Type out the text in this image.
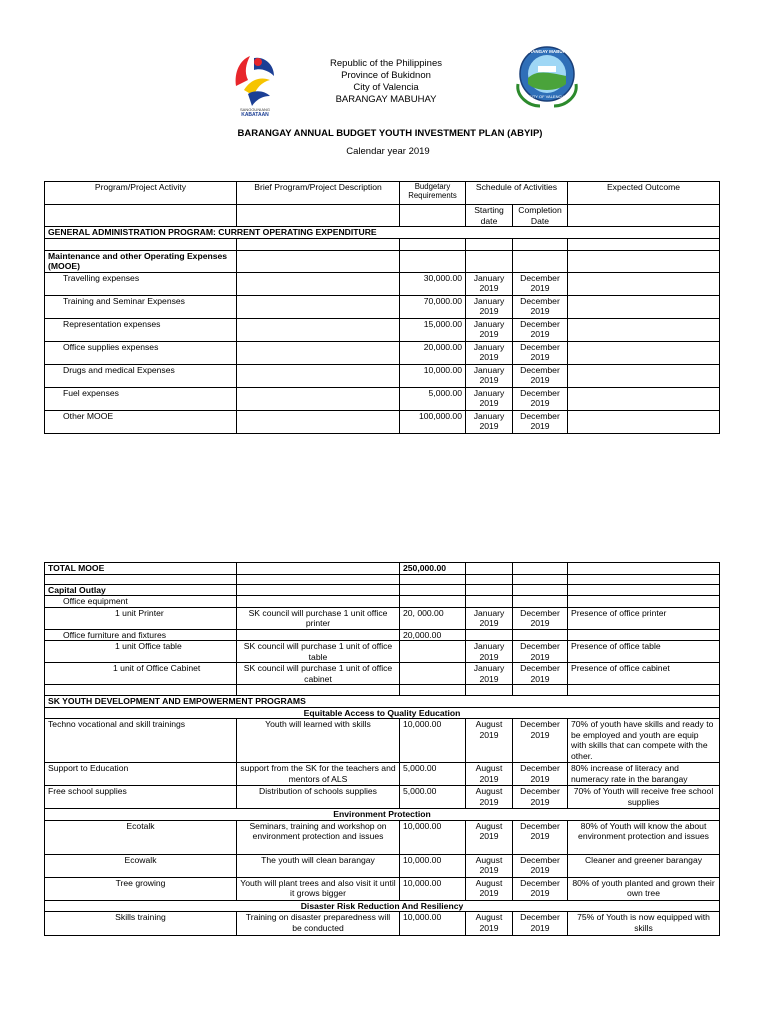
SANGGUNIANG
KABATAAN
BARANGAY MABUHAY
CITY OF VALENCIA
Republic of the Philippines
Province of Bukidnon
City of Valencia
BARANGAY MABUHAY
BARANGAY ANNUAL BUDGET YOUTH INVESTMENT PLAN (ABYIP)
Calendar year 2019
Program/Project Activity	Brief Program/Project Description	Budgetary Requirements	Schedule of Activities		Expected Outcome
			Starting date	Completion Date	
GENERAL ADMINISTRATION PROGRAM: CURRENT OPERATING EXPENDITURE					

Maintenance and other Operating Expenses (MOOE)					
Travelling expenses		30,000.00	January 2019	December 2019	
Training and Seminar Expenses		70,000.00	January 2019	December 2019	
Representation expenses		15,000.00	January 2019	December 2019	
Office supplies expenses		20,000.00	January 2019	December 2019	
Drugs and medical Expenses		10,000.00	January 2019	December 2019	
Fuel expenses		5,000.00	January 2019	December 2019	
Other MOOE		100,000.00	January 2019	December 2019	
TOTAL MOOE		250,000.00			

Capital Outlay					
Office equipment					
1 unit Printer	SK council will purchase 1 unit office printer	20, 000.00	January 2019	December 2019	Presence of office printer
Office furniture and fixtures		20,000.00			
1 unit Office table	SK council will purchase 1 unit of office table		January 2019	December 2019	Presence of office table
1 unit of Office Cabinet	SK council will purchase 1 unit of office cabinet		January 2019	December 2019	Presence of office cabinet

SK YOUTH DEVELOPMENT AND EMPOWERMENT PROGRAMS					
Equitable Access to Quality Education					
Techno vocational and skill trainings	Youth will learned with skills	10,000.00	August 2019	December 2019	70% of youth have skills and ready to be employed and youth are equip with skills that can compete with the other.
Support to Education	support from the SK for the teachers and mentors of ALS	5,000.00	August 2019	December 2019	80% increase of literacy and numeracy rate in the barangay
Free school supplies	Distribution of schools supplies	5,000.00	August 2019	December 2019	70% of Youth will receive free school supplies
Environment Protection					
Ecotalk	Seminars, training and workshop on environment protection and issues	10,000.00	August 2019	December 2019	80% of Youth will know the about environment protection and issues
Ecowalk	The youth will clean barangay	10,000.00	August 2019	December 2019	Cleaner and greener barangay
Tree growing	Youth will plant trees and also visit it until it grows bigger	10,000.00	August 2019	December 2019	80% of youth planted and grown their own tree
Disaster Risk Reduction And Resiliency					
Skills training	Training on disaster preparedness will be conducted	10,000.00	August 2019	December 2019	75% of Youth is now equipped with skills
